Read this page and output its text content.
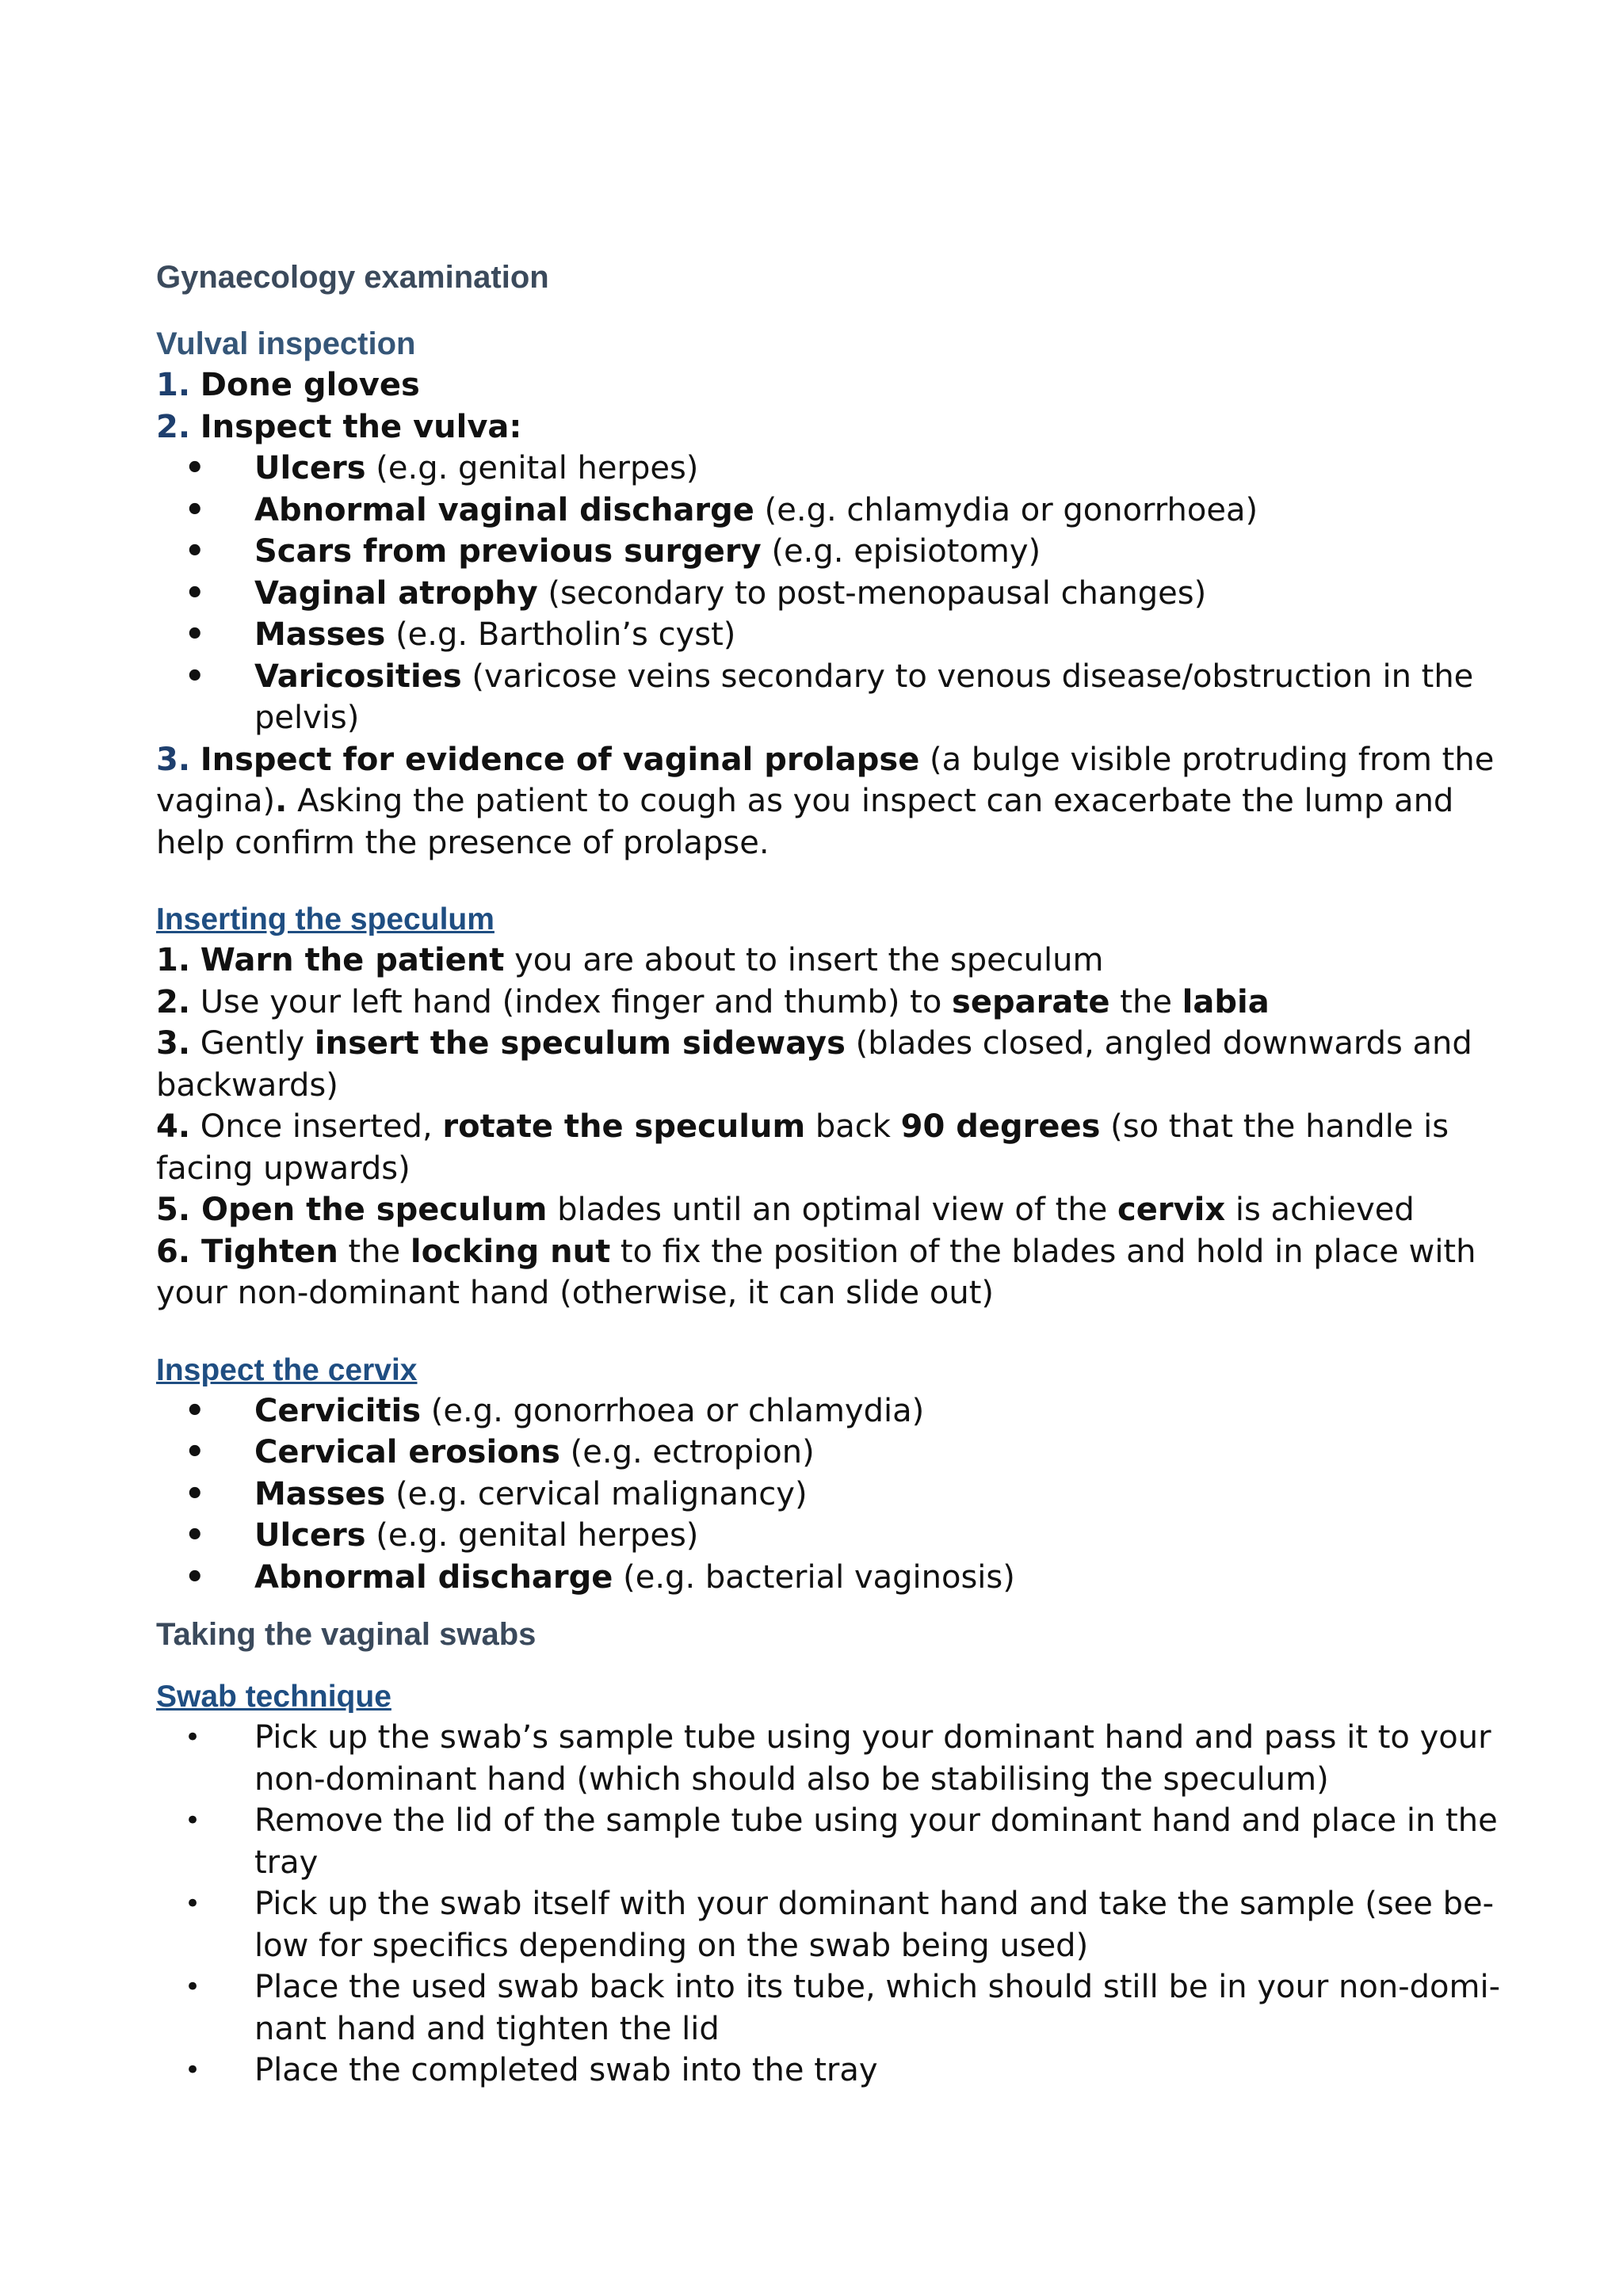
Gynaecology examination
Vulval inspection

1. Done gloves

2. Inspect the vulva:

• Ulcers (e.g. genital herpes)
• Abnormal vaginal discharge (e.g. chlamydia or gonorrhoea)
• Scars from previous surgery (e.g. episiotomy)
• Vaginal atrophy (secondary to post-menopausal changes)
• Masses (e.g. Bartholin’s cyst)
• Varicosities (varicose veins secondary to venous disease/obstruction in the pelvis)

3. Inspect for evidence of vaginal prolapse (a bulge visible protruding from the vagina). Asking the patient to cough as you inspect can exacerbate the lump and help confirm the presence of prolapse.

Inserting the speculum

1. Warn the patient you are about to insert the speculum

2. Use your left hand (index finger and thumb) to separate the labia

3. Gently insert the speculum sideways (blades closed, angled downwards and backwards)

4. Once inserted, rotate the speculum back 90 degrees (so that the handle is facing upwards)

5. Open the speculum blades until an optimal view of the cervix is achieved

6. Tighten the locking nut to fix the position of the blades and hold in place with your non-dominant hand (otherwise, it can slide out)

Inspect the cervix
• Cervicitis (e.g. gonorrhoea or chlamydia)
• Cervical erosions (e.g. ectropion)
• Masses (e.g. cervical malignancy)
• Ulcers (e.g. genital herpes)
• Abnormal discharge (e.g. bacterial vaginosis)
Taking the vaginal swabs
Swab technique
• Pick up the swab’s sample tube using your dominant hand and pass it to your non-dominant hand (which should also be stabilising the speculum)
• Remove the lid of the sample tube using your dominant hand and place in the tray
• Pick up the swab itself with your dominant hand and take the sample (see be-low for specifics depending on the swab being used)
• Place the used swab back into its tube, which should still be in your non-domi-nant hand and tighten the lid
• Place the completed swab into the tray
